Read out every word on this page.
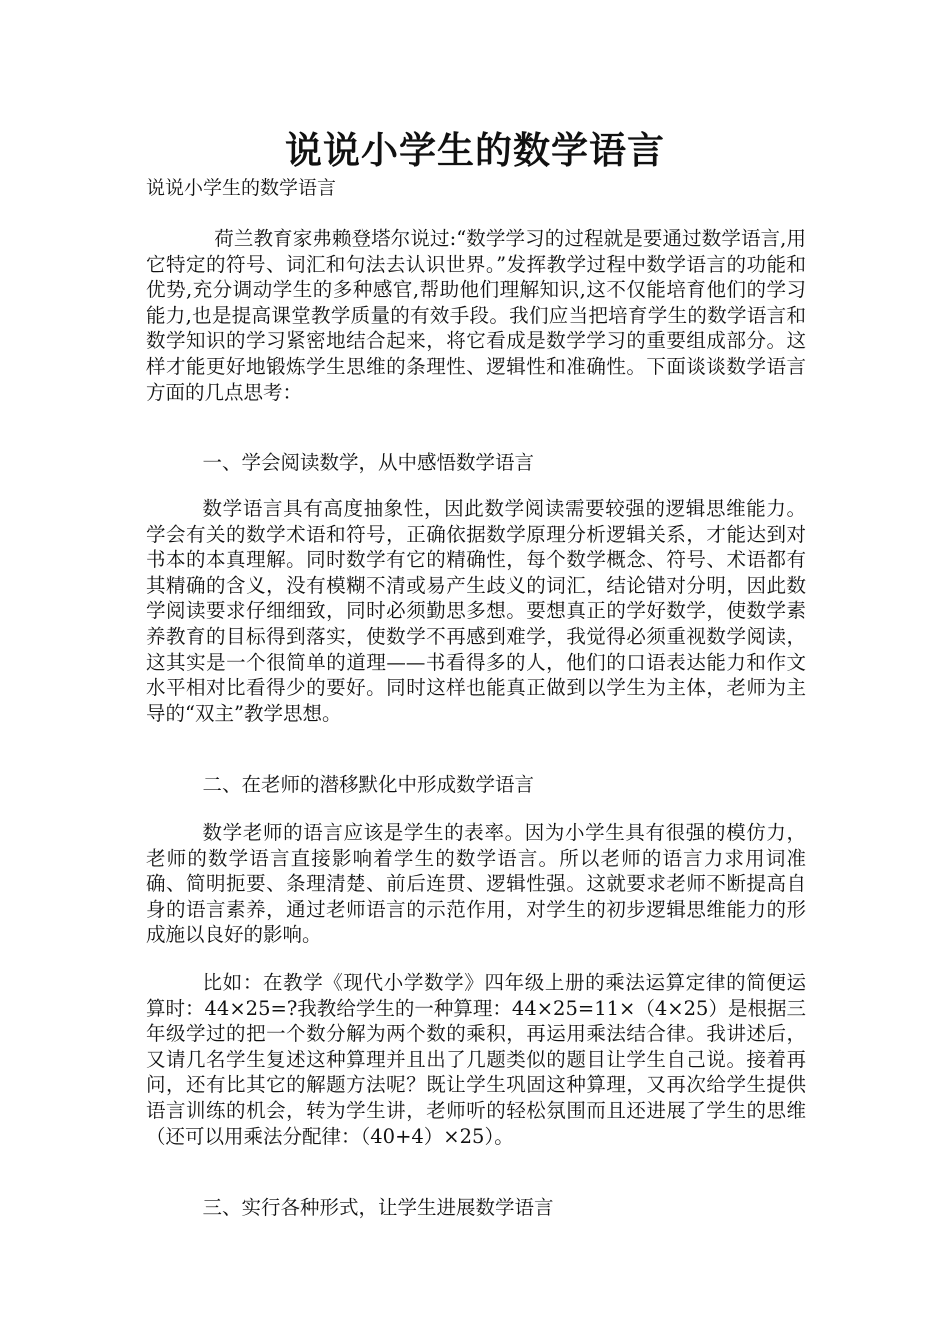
说说小学生的数学语言
说说小学生的数学语言

荷兰教育家弗赖登塔尔说过:“数学学习的过程就是要通过数学语言,用它特定的符号、词汇和句法去认识世界。”发挥教学过程中数学语言的功能和优势,充分调动学生的多种感官,帮助他们理解知识,这不仅能培育他们的学习能力,也是提高课堂教学质量的有效手段。我们应当把培育学生的数学语言和数学知识的学习紧密地结合起来，将它看成是数学学习的重要组成部分。这样才能更好地锻炼学生思维的条理性、逻辑性和准确性。下面谈谈数学语言方面的几点思考：

一、学会阅读数学，从中感悟数学语言

数学语言具有高度抽象性，因此数学阅读需要较强的逻辑思维能力。学会有关的数学术语和符号，正确依据数学原理分析逻辑关系，才能达到对书本的本真理解。同时数学有它的精确性，每个数学概念、符号、术语都有其精确的含义，没有模糊不清或易产生歧义的词汇，结论错对分明，因此数学阅读要求仔细细致，同时必须勤思多想。要想真正的学好数学，使数学素养教育的目标得到落实，使数学不再感到难学，我觉得必须重视数学阅读，这其实是一个很简单的道理——书看得多的人，他们的口语表达能力和作文水平相对比看得少的要好。同时这样也能真正做到以学生为主体，老师为主导的“双主”教学思想。

二、在老师的潜移默化中形成数学语言

数学老师的语言应该是学生的表率。因为小学生具有很强的模仿力，老师的数学语言直接影响着学生的数学语言。所以老师的语言力求用词准确、简明扼要、条理清楚、前后连贯、逻辑性强。这就要求老师不断提高自身的语言素养，通过老师语言的示范作用，对学生的初步逻辑思维能力的形成施以良好的影响。

比如：在教学《现代小学数学》四年级上册的乘法运算定律的简便运算时：44×25=?我教给学生的一种算理：44×25=11×（4×25）是根据三年级学过的把一个数分解为两个数的乘积，再运用乘法结合律。我讲述后，又请几名学生复述这种算理并且出了几题类似的题目让学生自己说。接着再问，还有比其它的解题方法呢？既让学生巩固这种算理，又再次给学生提供语言训练的机会，转为学生讲，老师听的轻松氛围而且还进展了学生的思维（还可以用乘法分配律：（40+4）×25）。

三、实行各种形式，让学生进展数学语言
